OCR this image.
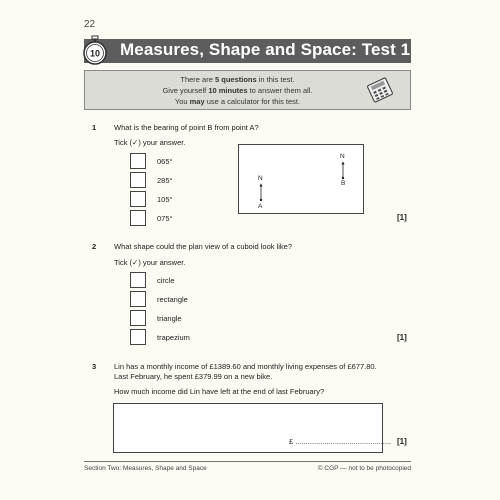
22
Measures, Shape and Space: Test 1
10
There are 5 questions in this test.
Give yourself 10 minutes to answer them all.
You may use a calculator for this test.
1 What is the bearing of point B from point A?
Tick (✓) your answer.
065°
285°
105°
075°
N
A
N
B
[1]
2 What shape could the plan view of a cuboid look like?
Tick (✓) your answer.
circle
rectangle
triangle
trapezium	[1]
3 Lin has a monthly income of £1389.60 and monthly living expenses of £677.80.
Last February, he spent £379.99 on a new bike.
How much income did Lin have left at the end of last February?
£ .............................................. [1]
Section Two: Measures, Shape and Space	© CGP — not to be photocopied
